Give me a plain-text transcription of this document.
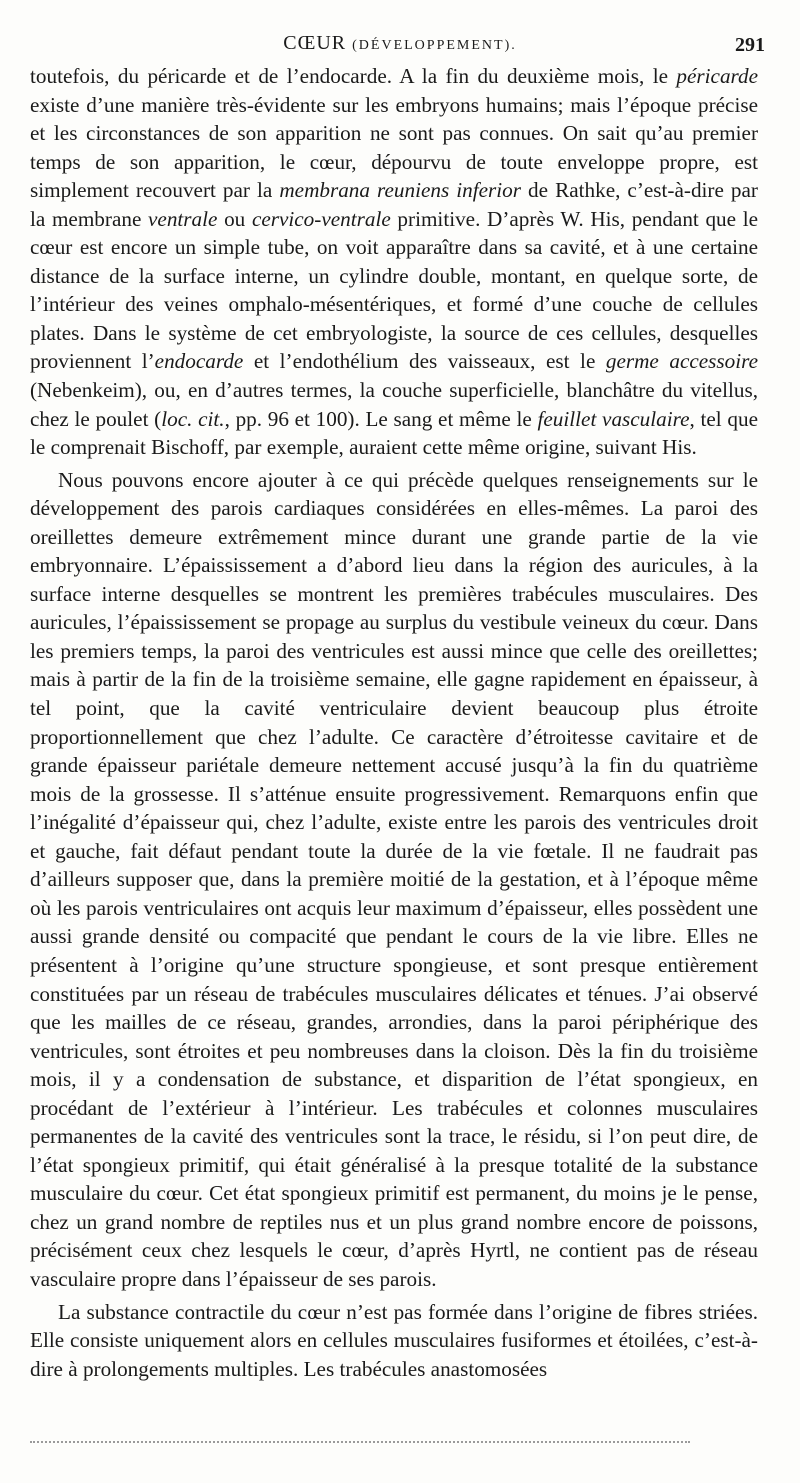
CŒUR (DÉVELOPPEMENT).	291

toutefois, du péricarde et de l’endocarde. A la fin du deuxième mois, le péricarde existe d’une manière très-évidente sur les embryons humains; mais l’époque précise et les circonstances de son apparition ne sont pas connues. On sait qu’au premier temps de son apparition, le cœur, dépourvu de toute enveloppe propre, est simplement recouvert par la membrana reuniens inferior de Rathke, c’est-à-dire par la membrane ventrale ou cervico-ventrale primitive. D’après W. His, pendant que le cœur est encore un simple tube, on voit apparaître dans sa cavité, et à une certaine distance de la surface interne, un cylindre double, montant, en quelque sorte, de l’intérieur des veines omphalo-mésentériques, et formé d’une couche de cellules plates. Dans le système de cet embryologiste, la source de ces cellules, desquelles proviennent l’endocarde et l’endothélium des vaisseaux, est le germe accessoire (Nebenkeim), ou, en d’autres termes, la couche superficielle, blanchâtre du vitellus, chez le poulet (loc. cit., pp. 96 et 100). Le sang et même le feuillet vasculaire, tel que le comprenait Bischoff, par exemple, auraient cette même origine, suivant His.

Nous pouvons encore ajouter à ce qui précède quelques renseignements sur le développement des parois cardiaques considérées en elles-mêmes. La paroi des oreillettes demeure extrêmement mince durant une grande partie de la vie embryonnaire. L’épaississement a d’abord lieu dans la région des auricules, à la surface interne desquelles se montrent les premières trabécules musculaires. Des auricules, l’épaississement se propage au surplus du vestibule veineux du cœur. Dans les premiers temps, la paroi des ventricules est aussi mince que celle des oreillettes; mais à partir de la fin de la troisième semaine, elle gagne rapidement en épaisseur, à tel point, que la cavité ventriculaire devient beaucoup plus étroite proportionnellement que chez l’adulte. Ce caractère d’étroitesse cavitaire et de grande épaisseur pariétale demeure nettement accusé jusqu’à la fin du quatrième mois de la grossesse. Il s’atténue ensuite progressivement. Remarquons enfin que l’inégalité d’épaisseur qui, chez l’adulte, existe entre les parois des ventricules droit et gauche, fait défaut pendant toute la durée de la vie fœtale. Il ne faudrait pas d’ailleurs supposer que, dans la première moitié de la gestation, et à l’époque même où les parois ventriculaires ont acquis leur maximum d’épaisseur, elles possèdent une aussi grande densité ou compacité que pendant le cours de la vie libre. Elles ne présentent à l’origine qu’une structure spongieuse, et sont presque entièrement constituées par un réseau de trabécules musculaires délicates et ténues. J’ai observé que les mailles de ce réseau, grandes, arrondies, dans la paroi périphérique des ventricules, sont étroites et peu nombreuses dans la cloison. Dès la fin du troisième mois, il y a condensation de substance, et disparition de l’état spongieux, en procédant de l’extérieur à l’intérieur. Les trabécules et colonnes musculaires permanentes de la cavité des ventricules sont la trace, le résidu, si l’on peut dire, de l’état spongieux primitif, qui était généralisé à la presque totalité de la substance musculaire du cœur. Cet état spongieux primitif est permanent, du moins je le pense, chez un grand nombre de reptiles nus et un plus grand nombre encore de poissons, précisément ceux chez lesquels le cœur, d’après Hyrtl, ne contient pas de réseau vasculaire propre dans l’épaisseur de ses parois.

La substance contractile du cœur n’est pas formée dans l’origine de fibres striées. Elle consiste uniquement alors en cellules musculaires fusiformes et étoilées, c’est-à-dire à prolongements multiples. Les trabécules anastomosées
